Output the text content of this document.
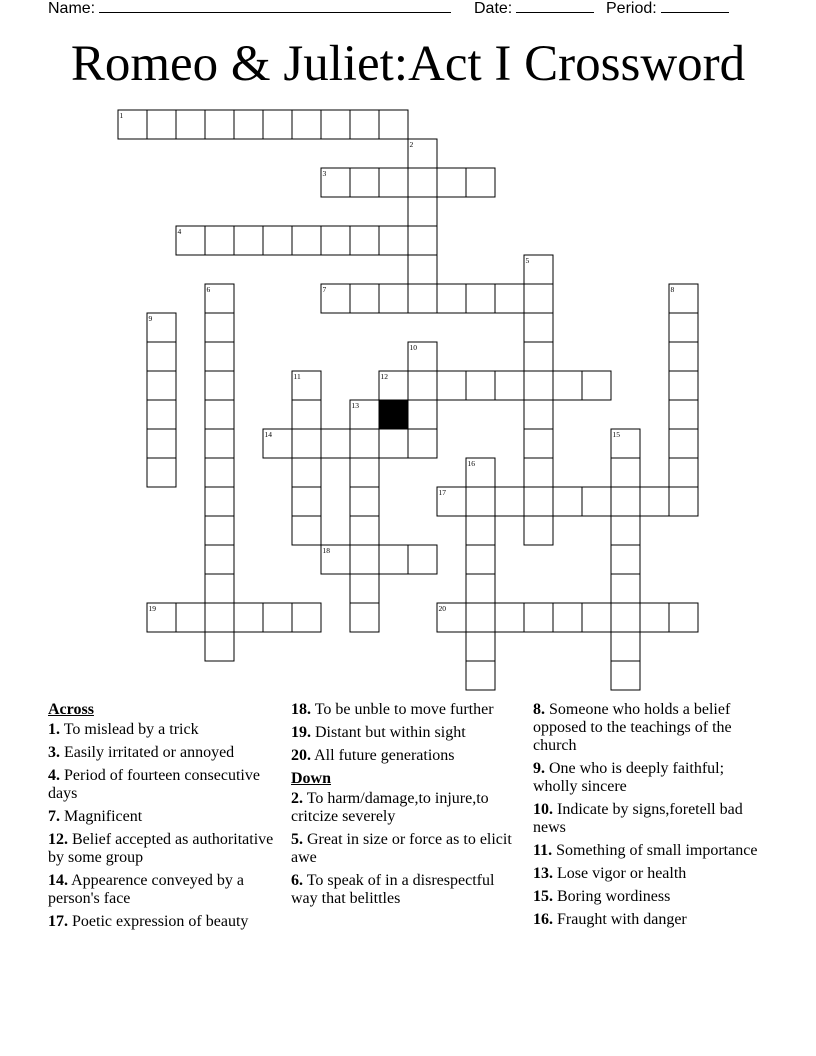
Name:	Date:	Period:
Romeo & Juliet:Act I Crossword
1
2
3
4
5
6	7	8
9
10
11	12
13
14	15
16
17
18
19	20
Across
1. To mislead by a trick
3. Easily irritated or annoyed
4. Period of fourteen consecutive days
7. Magnificent
12. Belief accepted as authoritative by some group
14. Appearence conveyed by a person's face
17. Poetic expression of beauty
18. To be unble to move further
19. Distant but within sight
20. All future generations
Down
2. To harm/damage,to injure,to critcize severely
5. Great in size or force as to elicit awe
6. To speak of in a disrespectful way that belittles
8. Someone who holds a belief opposed to the teachings of the church
9. One who is deeply faithful; wholly sincere
10. Indicate by signs,foretell bad news
11. Something of small importance
13. Lose vigor or health
15. Boring wordiness
16. Fraught with danger
